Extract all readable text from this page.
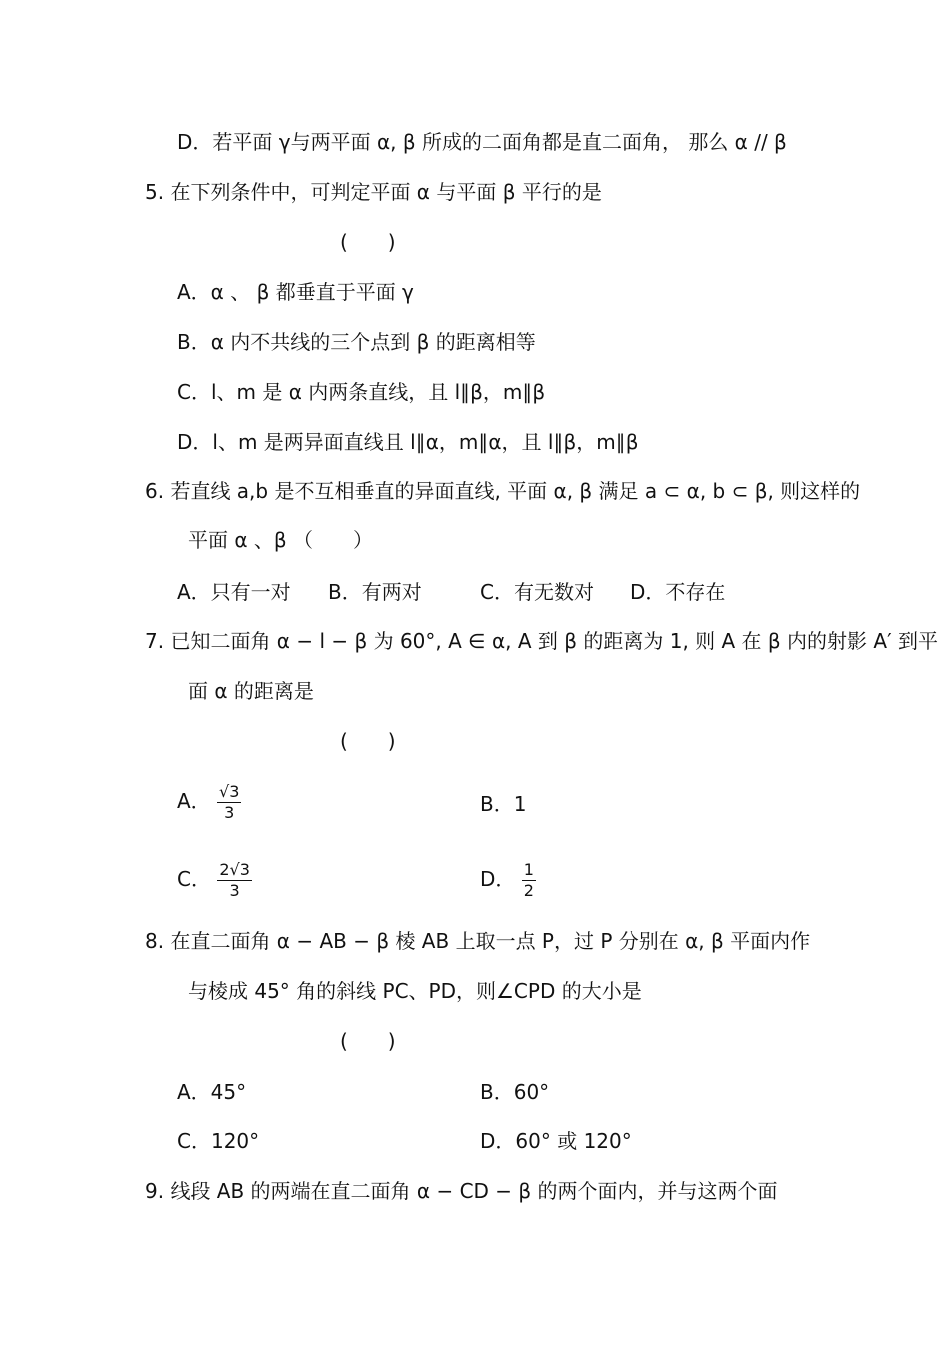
D．若平面 γ与两平面 α, β 所成的二面角都是直二面角， 那么 α // β
5. 在下列条件中，可判定平面 α 与平面 β 平行的是
(　　)
A．α 、 β 都垂直于平面 γ
B．α 内不共线的三个点到 β 的距离相等
C．l、m 是 α 内两条直线，且 l∥β，m∥β
D．l、m 是两异面直线且 l∥α，m∥α，且 l∥β，m∥β
6. 若直线 a,b 是不互相垂直的异面直线, 平面 α, β 满足 a ⊂ α, b ⊂ β, 则这样的
平面 α 、β （　　）
A．只有一对 B．有两对	C．有无数对 D．不存在
7. 已知二面角 α − l − β 为 60°, A ∈ α, A 到 β 的距离为 1, 则 A 在 β 内的射影 A′ 到平
面 α 的距离是
(　　)
A． $\frac{√3}{3}$	B．1
C． $\frac{2√3}{3}$	D． $\frac{1}{2}$
8. 在直二面角 α − AB − β 棱 AB 上取一点 P，过 P 分别在 α, β 平面内作
与棱成 45° 角的斜线 PC、PD，则∠CPD 的大小是
(　　)
A．45°	B．60°
C．120°	D．60° 或 120°
9. 线段 AB 的两端在直二面角 α − CD − β 的两个面内，并与这两个面
